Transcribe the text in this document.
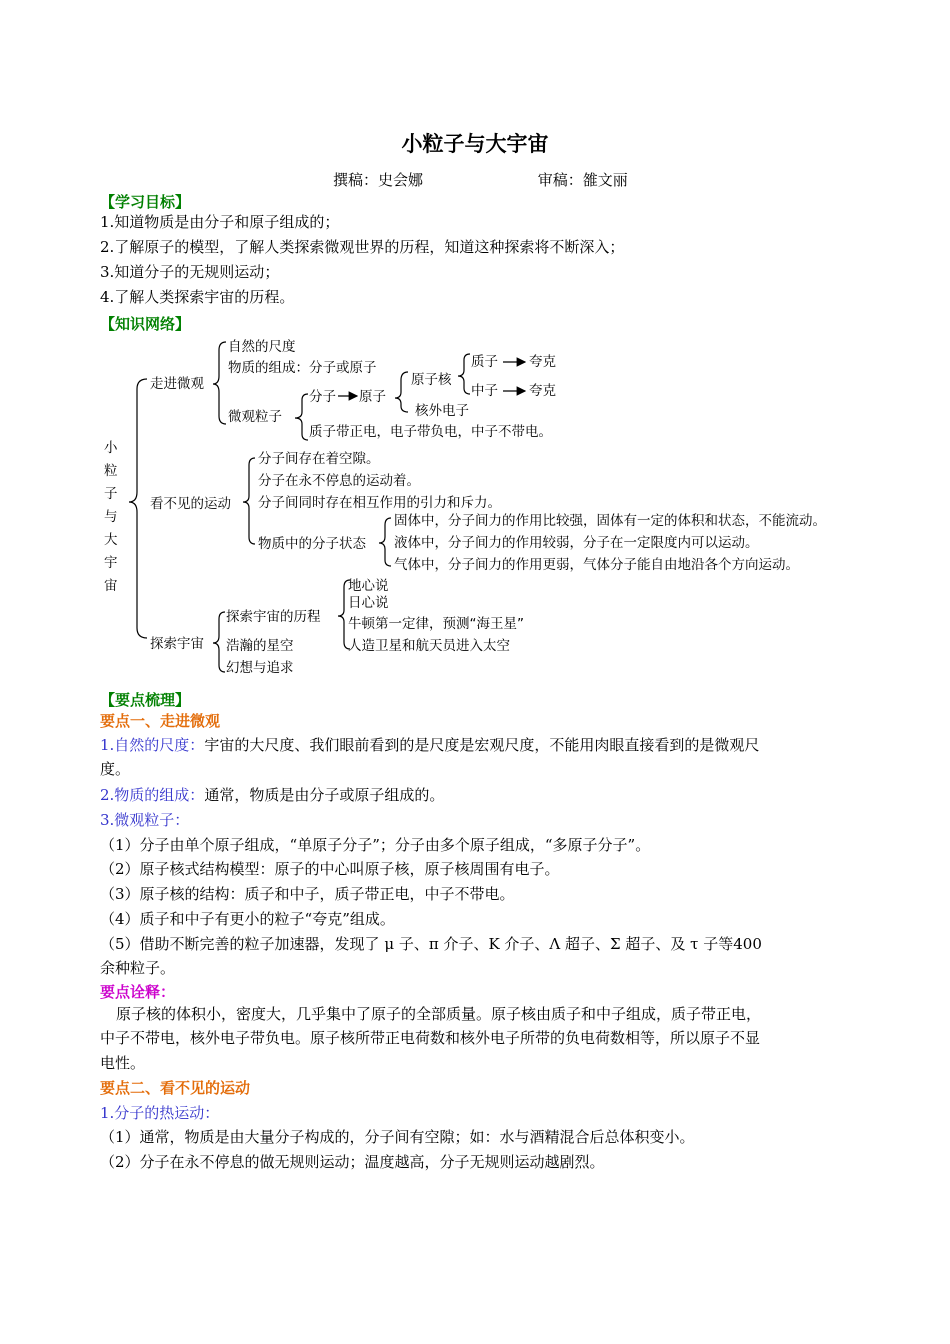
小粒子与大宇宙
撰稿：史会娜	审稿：雒文丽
【学习目标】
1.知道物质是由分子和原子组成的；
2.了解原子的模型，了解人类探索微观世界的历程，知道这种探索将不断深入；
3.知道分子的无规则运动；
4.了解人类探索宇宙的历程。
【知识网络】
小
粒
子
与
大
宇
宙
走进微观
自然的尺度
物质的组成：分子或原子
微观粒子
分子 原子
原子核
核外电子
质子 夸克
中子 夸克
质子带正电，电子带负电，中子不带电。
看不见的运动
分子间存在着空隙。
分子在永不停息的运动着。
分子间同时存在相互作用的引力和斥力。
物质中的分子状态
固体中，分子间力的作用比较强，固体有一定的体积和状态，不能流动。
液体中，分子间力的作用较弱，分子在一定限度内可以运动。
气体中，分子间力的作用更弱，气体分子能自由地沿各个方向运动。
探索宇宙
探索宇宙的历程
浩瀚的星空
幻想与追求
地心说
日心说
牛顿第一定律，预测“海王星”
人造卫星和航天员进入太空
【要点梳理】
要点一、走进微观
1.自然的尺度：宇宙的大尺度、我们眼前看到的是尺度是宏观尺度，不能用肉眼直接看到的是微观尺
度。
2.物质的组成：通常，物质是由分子或原子组成的。
3.微观粒子：
（1）分子由单个原子组成，“单原子分子”；分子由多个原子组成，“多原子分子”。
（2）原子核式结构模型：原子的中心叫原子核，原子核周围有电子。
（3）原子核的结构：质子和中子，质子带正电，中子不带电。
（4）质子和中子有更小的粒子“夸克”组成。
（5）借助不断完善的粒子加速器，发现了 μ 子、π 介子、K 介子、Λ 超子、Σ 超子、及 τ 子等400
余种粒子。
要点诠释：
原子核的体积小，密度大，几乎集中了原子的全部质量。原子核由质子和中子组成，质子带正电，
中子不带电，核外电子带负电。原子核所带正电荷数和核外电子所带的负电荷数相等，所以原子不显
电性。
要点二、看不见的运动
1.分子的热运动：
（1）通常，物质是由大量分子构成的，分子间有空隙；如：水与酒精混合后总体积变小。
（2）分子在永不停息的做无规则运动；温度越高，分子无规则运动越剧烈。
